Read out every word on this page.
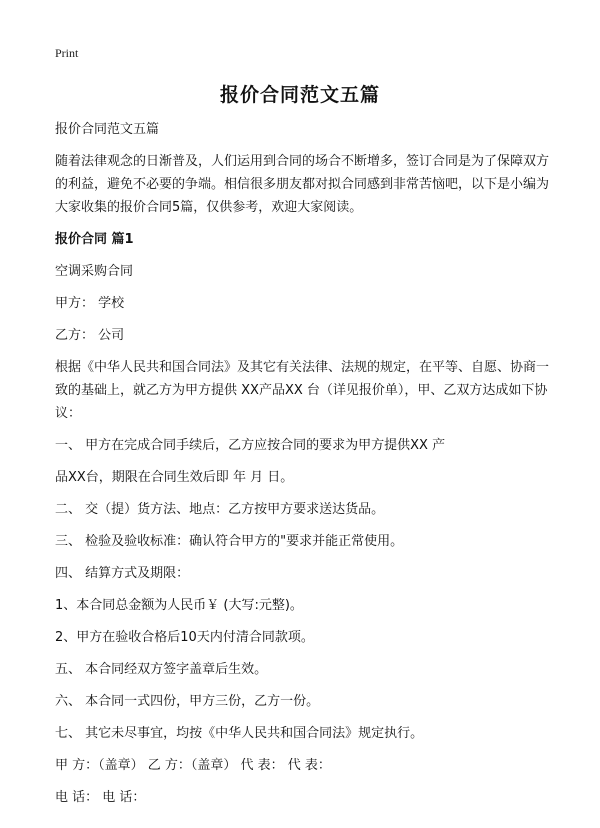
Print
报价合同范文五篇

报价合同范文五篇

随着法律观念的日渐普及，人们运用到合同的场合不断增多，签订合同是为了保障双方的利益，避免不必要的争端。相信很多朋友都对拟合同感到非常苦恼吧，以下是小编为大家收集的报价合同5篇，仅供参考，欢迎大家阅读。

报价合同 篇1

空调采购合同

甲方： 学校

乙方： 公司

根据《中华人民共和国合同法》及其它有关法律、法规的规定，在平等、自愿、协商一致的基础上，就乙方为甲方提供 XX产品XX 台（详见报价单），甲、乙双方达成如下协议：

一、 甲方在完成合同手续后，乙方应按合同的要求为甲方提供XX 产

品XX台，期限在合同生效后即 年 月 日。

二、 交（提）货方法、地点：乙方按甲方要求送达货品。

三、 检验及验收标准：确认符合甲方的"要求并能正常使用。

四、 结算方式及期限：

1、本合同总金额为人民币￥ (大写:元整)。

2、甲方在验收合格后10天内付清合同款项。

五、 本合同经双方签字盖章后生效。

六、 本合同一式四份，甲方三份，乙方一份。

七、 其它未尽事宜，均按《中华人民共和国合同法》规定执行。

甲 方：（盖章） 乙 方：（盖章） 代 表： 代 表：

电 话： 电 话：
